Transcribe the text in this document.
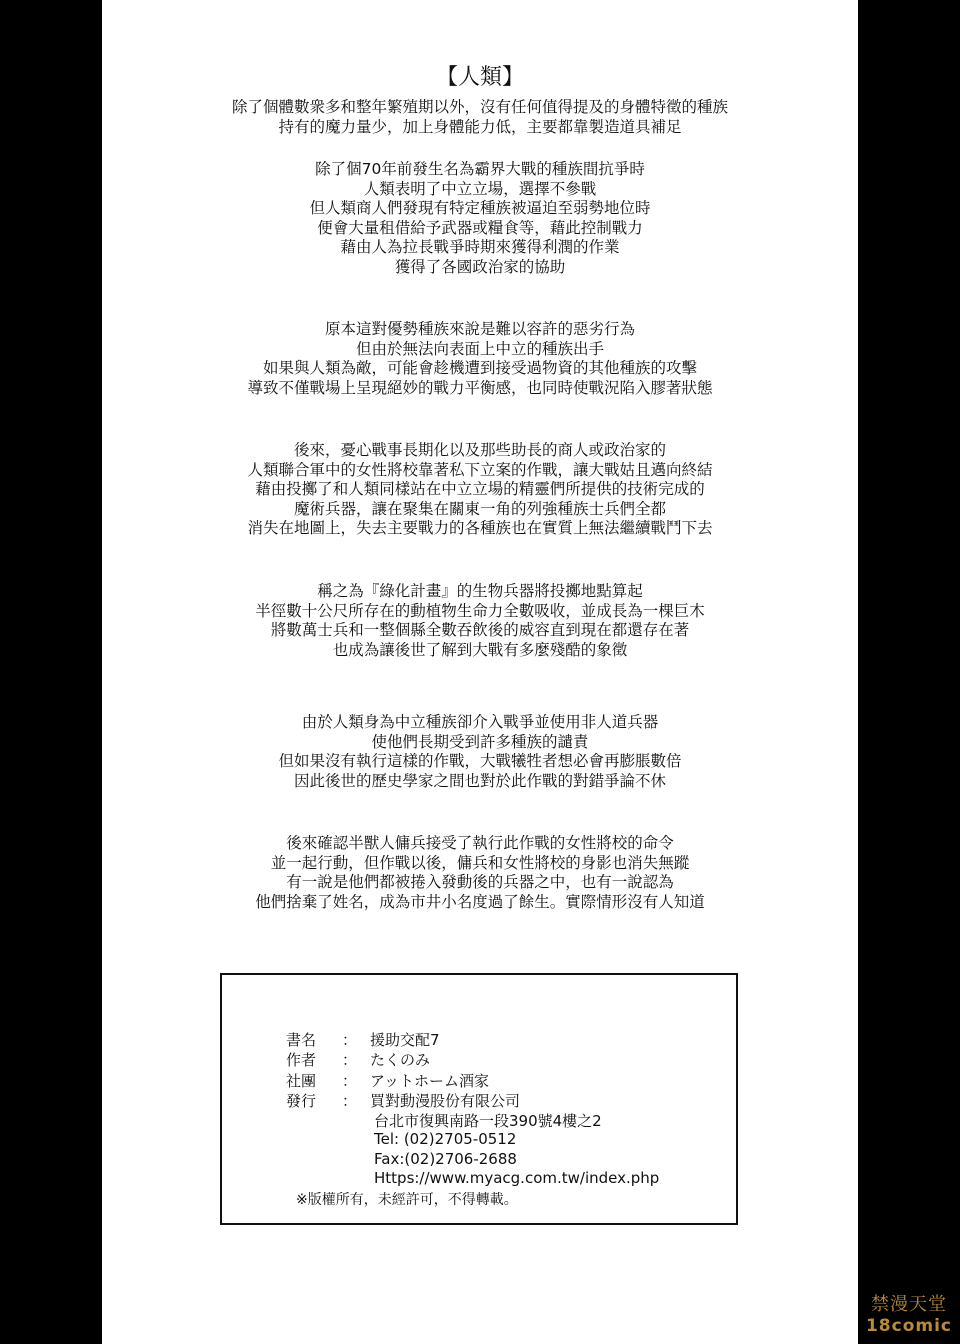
【人類】
除了個體數衆多和整年繁殖期以外，沒有任何值得提及的身體特徵的種族
持有的魔力量少，加上身體能力低，主要都靠製造道具補足
除了個70年前發生名為霸界大戰的種族間抗爭時
人類表明了中立立場，選擇不參戰
但人類商人們發現有特定種族被逼迫至弱勢地位時
便會大量租借給予武器或糧食等，藉此控制戰力
藉由人為拉長戰爭時期來獲得利潤的作業
獲得了各國政治家的協助
原本這對優勢種族來說是難以容許的惡劣行為
但由於無法向表面上中立的種族出手
如果與人類為敵，可能會趁機遭到接受過物資的其他種族的攻擊
導致不僅戰場上呈現絕妙的戰力平衡感，也同時使戰況陷入膠著狀態
後來，憂心戰事長期化以及那些助長的商人或政治家的
人類聯合軍中的女性將校靠著私下立案的作戰，讓大戰姑且邁向終結
藉由投擲了和人類同樣站在中立立場的精靈們所提供的技術完成的
魔術兵器，讓在聚集在關東一角的列強種族士兵們全都
消失在地圖上，失去主要戰力的各種族也在實質上無法繼續戰鬥下去
稱之為『綠化計畫』的生物兵器將投擲地點算起
半徑數十公尺所存在的動植物生命力全數吸收，並成長為一棵巨木
將數萬士兵和一整個縣全數吞飲後的威容直到現在都還存在著
也成為讓後世了解到大戰有多麼殘酷的象徵
由於人類身為中立種族卻介入戰爭並使用非人道兵器
使他們長期受到許多種族的譴責
但如果沒有執行這樣的作戰，大戰犧牲者想必會再膨脹數倍
因此後世的歷史學家之間也對於此作戰的對錯爭論不休
後來確認半獸人傭兵接受了執行此作戰的女性將校的命令
並一起行動，但作戰以後，傭兵和女性將校的身影也消失無蹤
有一說是他們都被捲入發動後的兵器之中，也有一說認為
他們捨棄了姓名，成為市井小名度過了餘生。實際情形沒有人知道
書名 ： 援助交配7
作者 ： たくのみ
社團 ： アットホーム酒家
發行 ： 買對動漫股份有限公司
台北市復興南路一段390號4樓之2
Tel: (02)2705-0512
Fax:(02)2706-2688
Https://www.myacg.com.tw/index.php
※版權所有，未經許可，不得轉載。
禁漫天堂
18comic
